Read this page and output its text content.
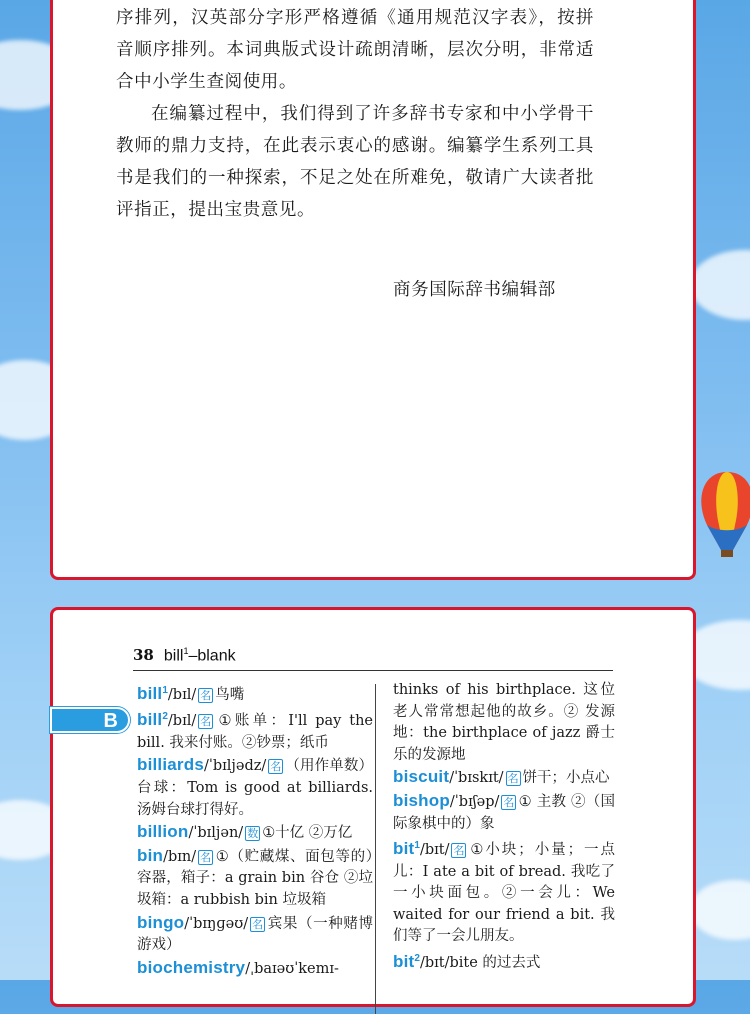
序排列，汉英部分字形严格遵循《通用规范汉字表》，按拼音顺序排列。本词典版式设计疏朗清晰，层次分明，非常适合中小学生查阅使用。

在编纂过程中，我们得到了许多辞书专家和中小学骨干教师的鼎力支持，在此表示衷心的感谢。编纂学生系列工具书是我们的一种探索，不足之处在所难免，敬请广大读者批评指正，提出宝贵意见。

商务国际辞书编辑部
38 bill$^1$–blank

bill$^1$/bɪl/ 名 鸟嘴

bill$^2$/bɪl/ 名 ①账单：I'll pay the bill. 我来付账。②钞票；纸币

billiards/ˈbɪljədz/ 名 （用作单数）台球：Tom is good at billiards. 汤姆台球打得好。

billion/ˈbɪljən/ 数 ①十亿 ②万亿

bin/bɪn/ 名 ①（贮藏煤、面包等的）容器，箱子：a grain bin 谷仓 ②垃圾箱：a rubbish bin 垃圾箱

bingo/ˈbɪŋɡəʊ/ 名 宾果（一种赌博游戏）

biochemistry/ˌbaɪəʊˈkemɪ-

thinks of his birthplace. 这位老人常常想起他的故乡。② 发源地：the birthplace of jazz 爵士乐的发源地

biscuit/ˈbɪskɪt/ 名 饼干；小点心

bishop/ˈbɪʃəp/ 名 ① 主教 ②（国际象棋中的）象

bit$^1$/bɪt/ 名 ①小块；小量；一点儿：I ate a bit of bread. 我吃了一小块面包。②一会儿：We waited for our friend a bit. 我们等了一会儿朋友。

bit$^2$/bɪt/bite 的过去式

B
